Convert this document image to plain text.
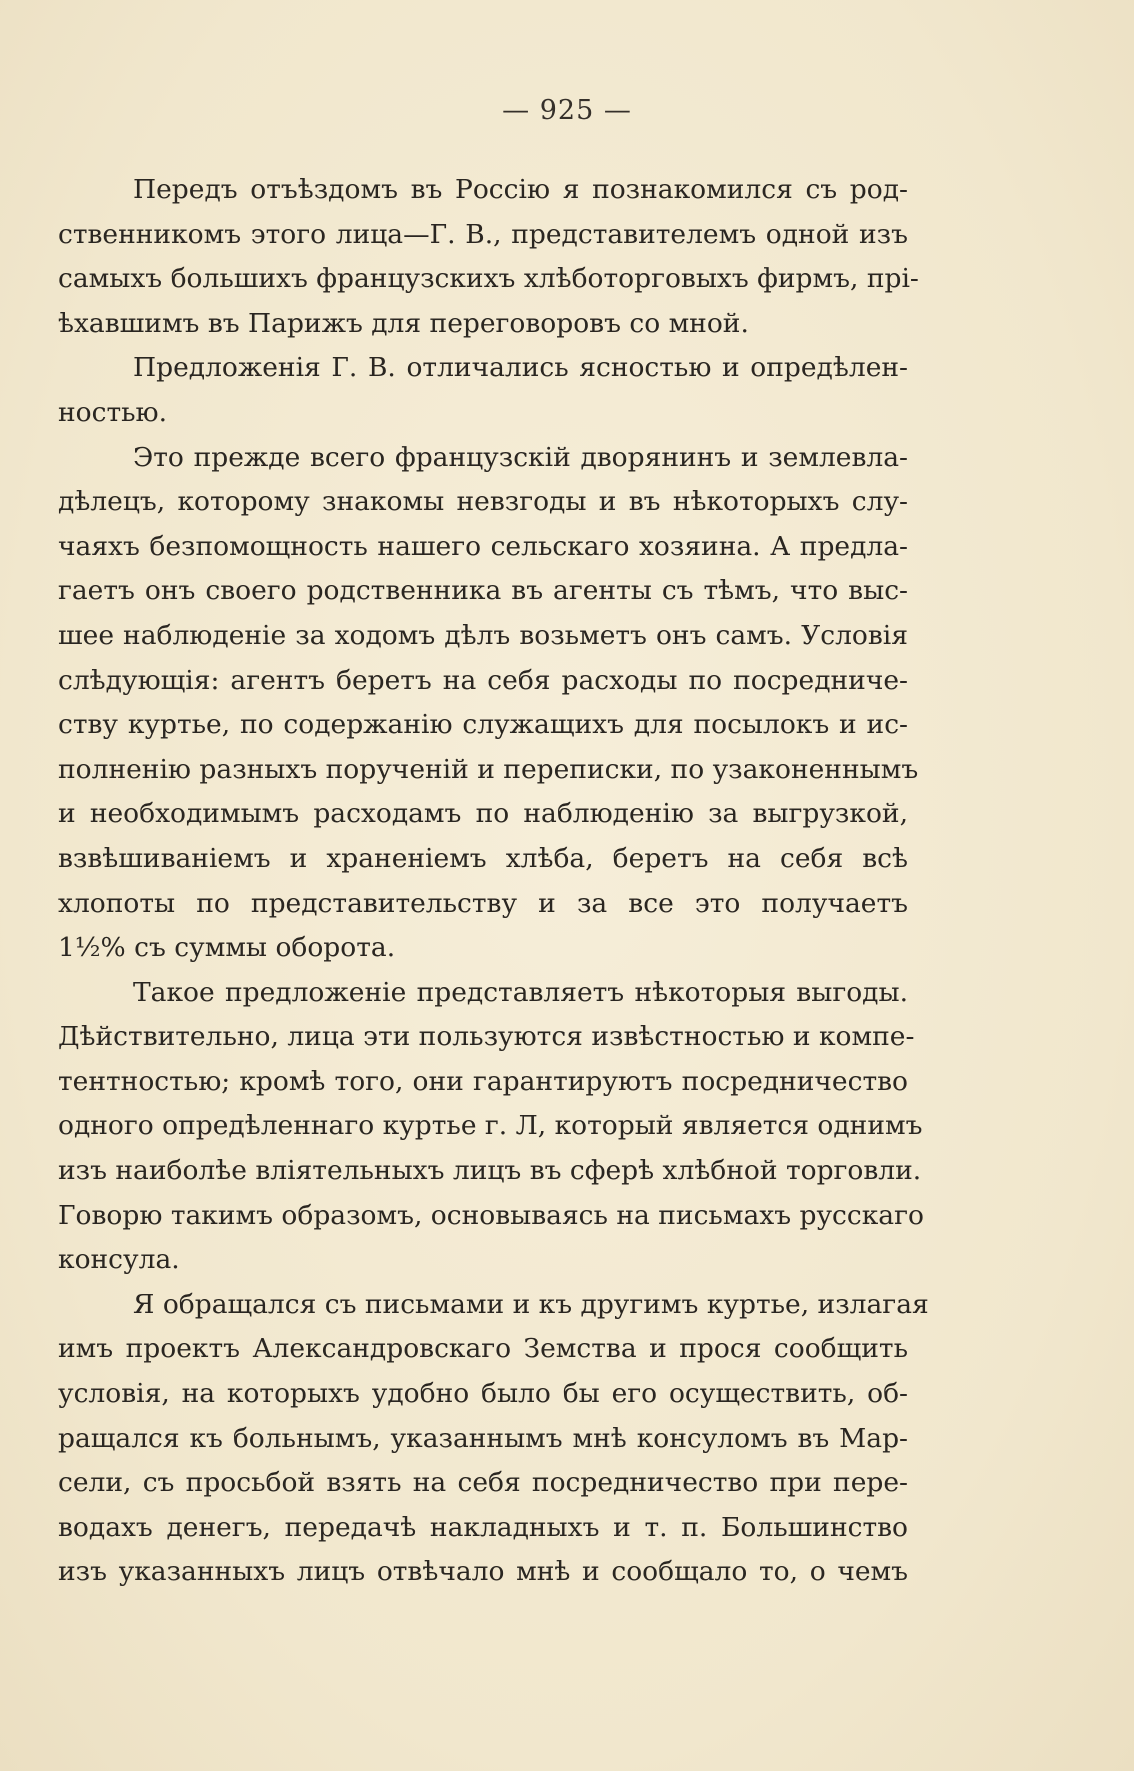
— 925 —
Передъ отъѣздомъ въ Россію я познакомился съ род-
ственникомъ этого лица—Г. В., представителемъ одной изъ
самыхъ большихъ французскихъ хлѣботорговыхъ фирмъ, прі-
ѣхавшимъ въ Парижъ для переговоровъ со мной.
Предложенія Г. В. отличались ясностью и опредѣлен-
ностью.
Это прежде всего французскій дворянинъ и землевла-
дѣлецъ, которому знакомы невзгоды и въ нѣкоторыхъ слу-
чаяхъ безпомощность нашего сельскаго хозяина. А предла-
гаетъ онъ своего родственника въ агенты съ тѣмъ, что выс-
шее наблюденіе за ходомъ дѣлъ возьметъ онъ самъ. Условія
слѣдующія: агентъ беретъ на себя расходы по посредниче-
ству куртье, по содержанію служащихъ для посылокъ и ис-
полненію разныхъ порученій и переписки, по узаконеннымъ
и необходимымъ расходамъ по наблюденію за выгрузкой,
взвѣшиваніемъ и храненіемъ хлѣба, беретъ на себя всѣ
хлопоты по представительству и за все это получаетъ
1½% съ суммы оборота.
Такое предложеніе представляетъ нѣкоторыя выгоды.
Дѣйствительно, лица эти пользуются извѣстностью и компе-
тентностью; кромѣ того, они гарантируютъ посредничество
одного опредѣленнаго куртье г. Л, который является однимъ
изъ наиболѣе вліятельныхъ лицъ въ сферѣ хлѣбной торговли.
Говорю такимъ образомъ, основываясь на письмахъ русскаго
консула.
Я обращался съ письмами и къ другимъ куртье, излагая
имъ проектъ Александровскаго Земства и прося сообщить
условія, на которыхъ удобно было бы его осуществить, об-
ращался къ больнымъ, указаннымъ мнѣ консуломъ въ Мар-
сели, съ просьбой взять на себя посредничество при пере-
водахъ денегъ, передачѣ накладныхъ и т. п. Большинство
изъ указанныхъ лицъ отвѣчало мнѣ и сообщало то, о чемъ
